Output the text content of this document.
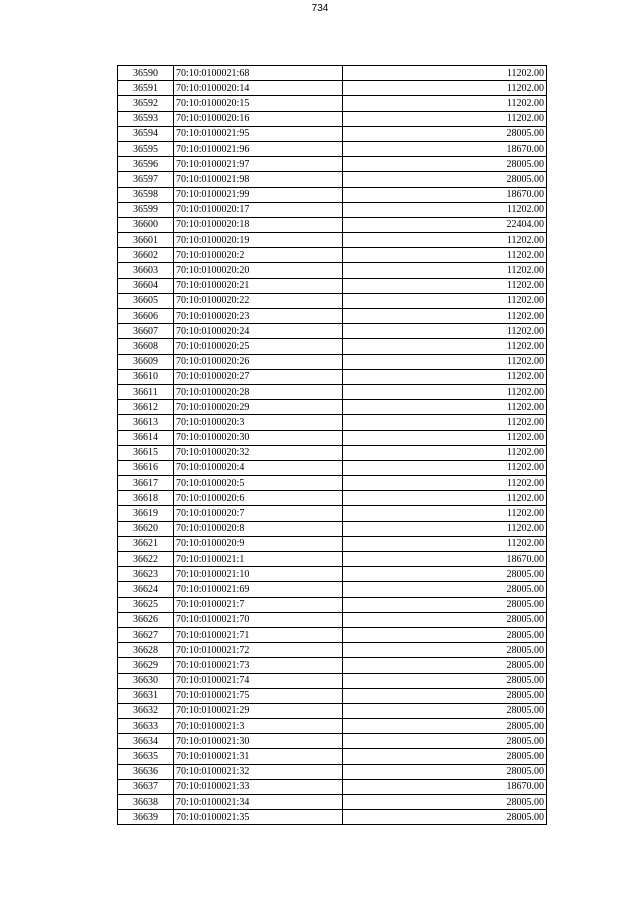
734
36590	70:10:0100021:68	11202.00
36591	70:10:0100020:14	11202.00
36592	70:10:0100020:15	11202.00
36593	70:10:0100020:16	11202.00
36594	70:10:0100021:95	28005.00
36595	70:10:0100021:96	18670.00
36596	70:10:0100021:97	28005.00
36597	70:10:0100021:98	28005.00
36598	70:10:0100021:99	18670.00
36599	70:10:0100020:17	11202.00
36600	70:10:0100020:18	22404.00
36601	70:10:0100020:19	11202.00
36602	70:10:0100020:2	11202.00
36603	70:10:0100020:20	11202.00
36604	70:10:0100020:21	11202.00
36605	70:10:0100020:22	11202.00
36606	70:10:0100020:23	11202.00
36607	70:10:0100020:24	11202.00
36608	70:10:0100020:25	11202.00
36609	70:10:0100020:26	11202.00
36610	70:10:0100020:27	11202.00
36611	70:10:0100020:28	11202.00
36612	70:10:0100020:29	11202.00
36613	70:10:0100020:3	11202.00
36614	70:10:0100020:30	11202.00
36615	70:10:0100020:32	11202.00
36616	70:10:0100020:4	11202.00
36617	70:10:0100020:5	11202.00
36618	70:10:0100020:6	11202.00
36619	70:10:0100020:7	11202.00
36620	70:10:0100020:8	11202.00
36621	70:10:0100020:9	11202.00
36622	70:10:0100021:1	18670.00
36623	70:10:0100021:10	28005.00
36624	70:10:0100021:69	28005.00
36625	70:10:0100021:7	28005.00
36626	70:10:0100021:70	28005.00
36627	70:10:0100021:71	28005.00
36628	70:10:0100021:72	28005.00
36629	70:10:0100021:73	28005.00
36630	70:10:0100021:74	28005.00
36631	70:10:0100021:75	28005.00
36632	70:10:0100021:29	28005.00
36633	70:10:0100021:3	28005.00
36634	70:10:0100021:30	28005.00
36635	70:10:0100021:31	28005.00
36636	70:10:0100021:32	28005.00
36637	70:10:0100021:33	18670.00
36638	70:10:0100021:34	28005.00
36639	70:10:0100021:35	28005.00
